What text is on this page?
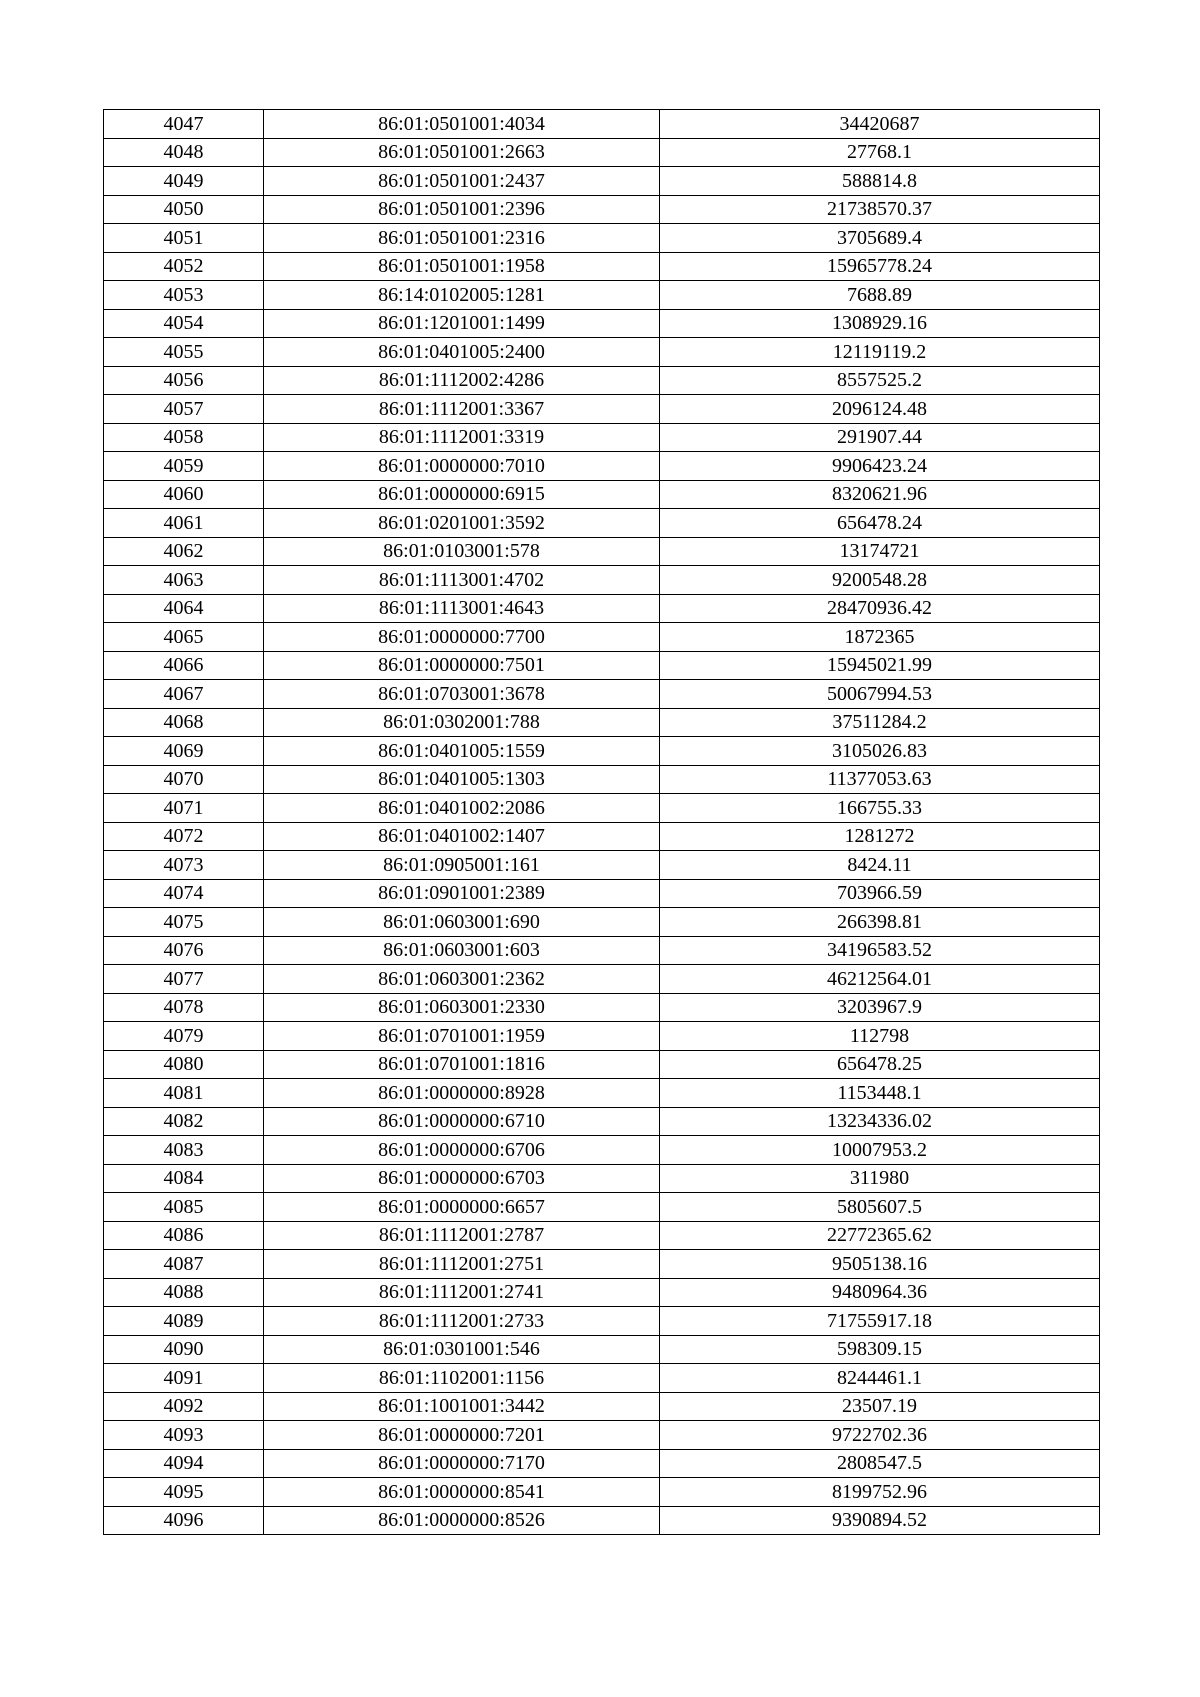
4047	86:01:0501001:4034	34420687
4048	86:01:0501001:2663	27768.1
4049	86:01:0501001:2437	588814.8
4050	86:01:0501001:2396	21738570.37
4051	86:01:0501001:2316	3705689.4
4052	86:01:0501001:1958	15965778.24
4053	86:14:0102005:1281	7688.89
4054	86:01:1201001:1499	1308929.16
4055	86:01:0401005:2400	12119119.2
4056	86:01:1112002:4286	8557525.2
4057	86:01:1112001:3367	2096124.48
4058	86:01:1112001:3319	291907.44
4059	86:01:0000000:7010	9906423.24
4060	86:01:0000000:6915	8320621.96
4061	86:01:0201001:3592	656478.24
4062	86:01:0103001:578	13174721
4063	86:01:1113001:4702	9200548.28
4064	86:01:1113001:4643	28470936.42
4065	86:01:0000000:7700	1872365
4066	86:01:0000000:7501	15945021.99
4067	86:01:0703001:3678	50067994.53
4068	86:01:0302001:788	37511284.2
4069	86:01:0401005:1559	3105026.83
4070	86:01:0401005:1303	11377053.63
4071	86:01:0401002:2086	166755.33
4072	86:01:0401002:1407	1281272
4073	86:01:0905001:161	8424.11
4074	86:01:0901001:2389	703966.59
4075	86:01:0603001:690	266398.81
4076	86:01:0603001:603	34196583.52
4077	86:01:0603001:2362	46212564.01
4078	86:01:0603001:2330	3203967.9
4079	86:01:0701001:1959	112798
4080	86:01:0701001:1816	656478.25
4081	86:01:0000000:8928	1153448.1
4082	86:01:0000000:6710	13234336.02
4083	86:01:0000000:6706	10007953.2
4084	86:01:0000000:6703	311980
4085	86:01:0000000:6657	5805607.5
4086	86:01:1112001:2787	22772365.62
4087	86:01:1112001:2751	9505138.16
4088	86:01:1112001:2741	9480964.36
4089	86:01:1112001:2733	71755917.18
4090	86:01:0301001:546	598309.15
4091	86:01:1102001:1156	8244461.1
4092	86:01:1001001:3442	23507.19
4093	86:01:0000000:7201	9722702.36
4094	86:01:0000000:7170	2808547.5
4095	86:01:0000000:8541	8199752.96
4096	86:01:0000000:8526	9390894.52
